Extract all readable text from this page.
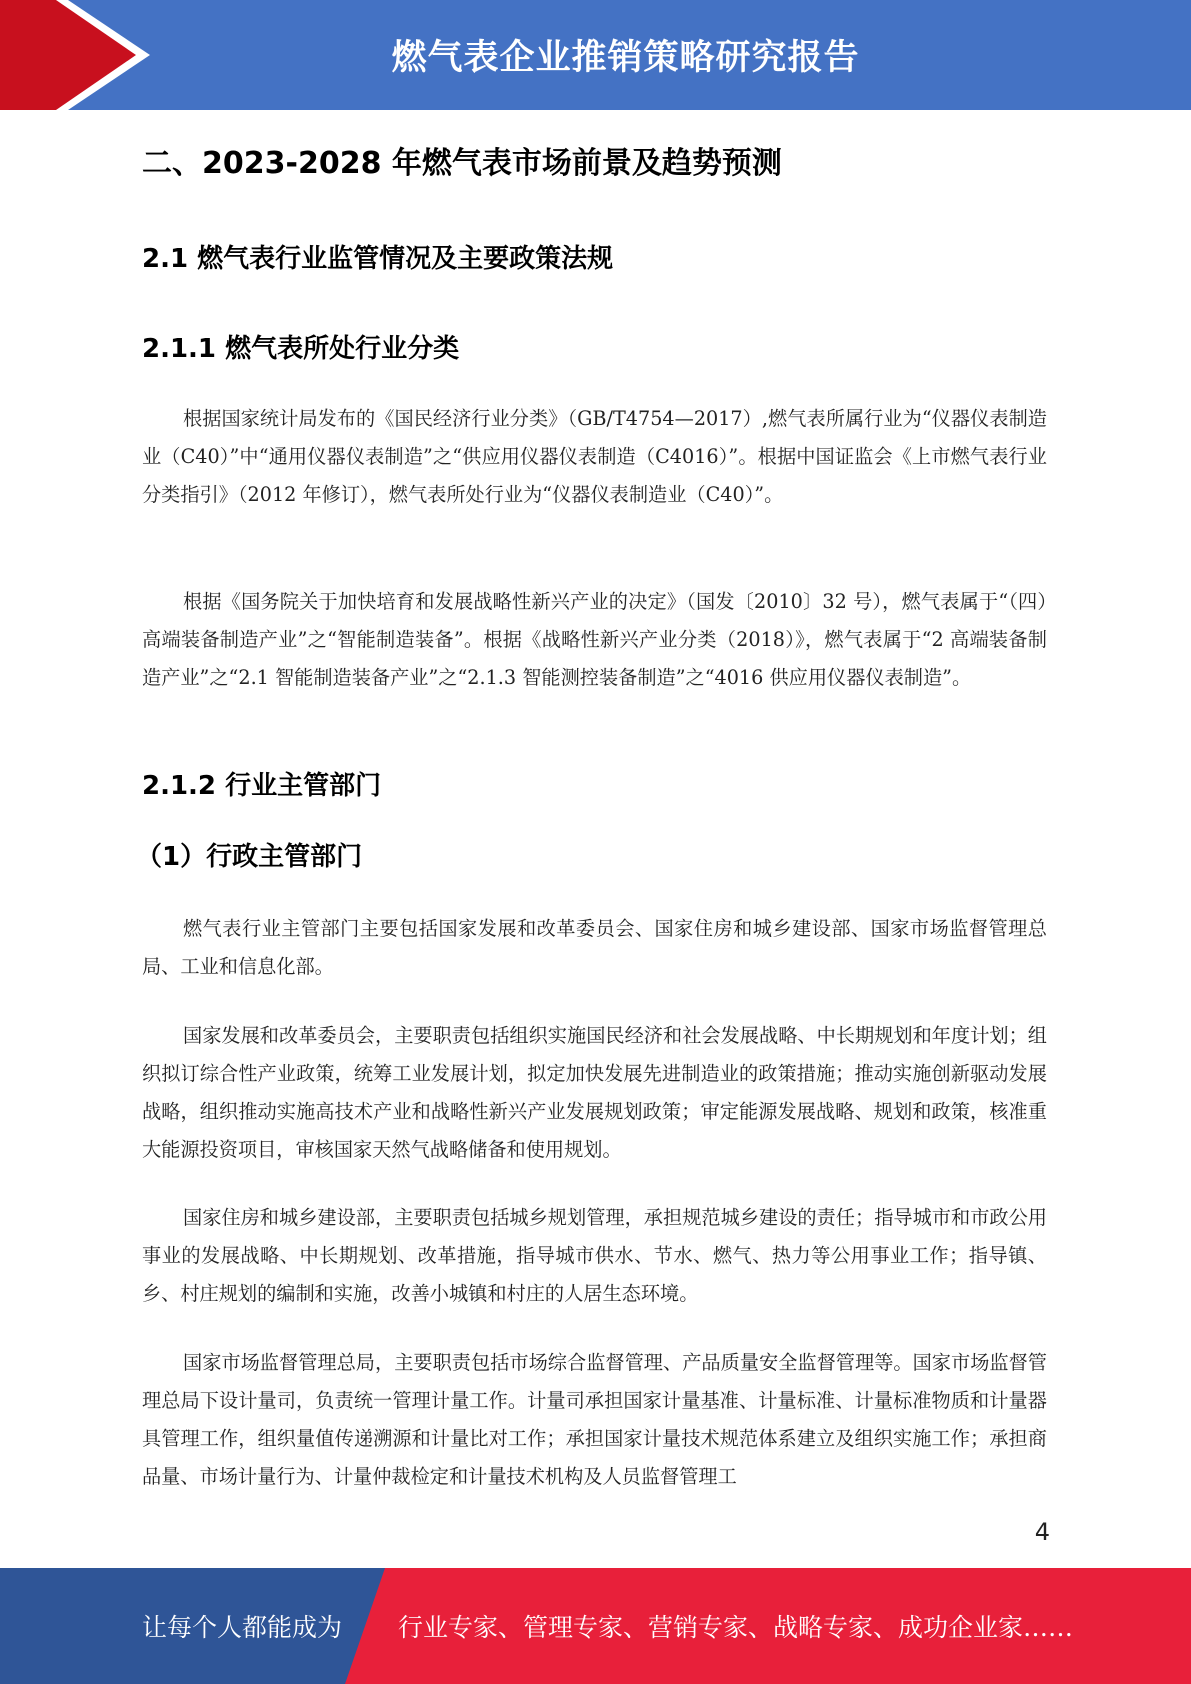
燃气表企业推销策略研究报告
二、2023-2028 年燃气表市场前景及趋势预测
2.1 燃气表行业监管情况及主要政策法规
2.1.1 燃气表所处行业分类

根据国家统计局发布的《国民经济行业分类》（GB/T4754—2017）,燃气表所属行业为“仪器仪表制造业（C40）”中“通用仪器仪表制造”之“供应用仪器仪表制造（C4016）”。根据中国证监会《上市燃气表行业分类指引》（2012 年修订），燃气表所处行业为“仪器仪表制造业（C40）”。

根据《国务院关于加快培育和发展战略性新兴产业的决定》（国发〔2010〕32 号），燃气表属于“（四）高端装备制造产业”之“智能制造装备”。根据《战略性新兴产业分类（2018）》，燃气表属于“2 高端装备制造产业”之“2.1 智能制造装备产业”之“2.1.3 智能测控装备制造”之“4016 供应用仪器仪表制造”。

2.1.2 行业主管部门
（1）行政主管部门

燃气表行业主管部门主要包括国家发展和改革委员会、国家住房和城乡建设部、国家市场监督管理总局、工业和信息化部。

国家发展和改革委员会，主要职责包括组织实施国民经济和社会发展战略、中长期规划和年度计划；组织拟订综合性产业政策，统筹工业发展计划，拟定加快发展先进制造业的政策措施；推动实施创新驱动发展战略，组织推动实施高技术产业和战略性新兴产业发展规划政策；审定能源发展战略、规划和政策，核准重大能源投资项目，审核国家天然气战略储备和使用规划。

国家住房和城乡建设部，主要职责包括城乡规划管理，承担规范城乡建设的责任；指导城市和市政公用事业的发展战略、中长期规划、改革措施，指导城市供水、节水、燃气、热力等公用事业工作；指导镇、乡、村庄规划的编制和实施，改善小城镇和村庄的人居生态环境。

国家市场监督管理总局，主要职责包括市场综合监督管理、产品质量安全监督管理等。国家市场监督管理总局下设计量司，负责统一管理计量工作。计量司承担国家计量基准、计量标准、计量标准物质和计量器具管理工作，组织量值传递溯源和计量比对工作；承担国家计量技术规范体系建立及组织实施工作；承担商品量、市场计量行为、计量仲裁检定和计量技术机构及人员监督管理工

4
让每个人都能成为 行业专家、管理专家、营销专家、战略专家、成功企业家……
